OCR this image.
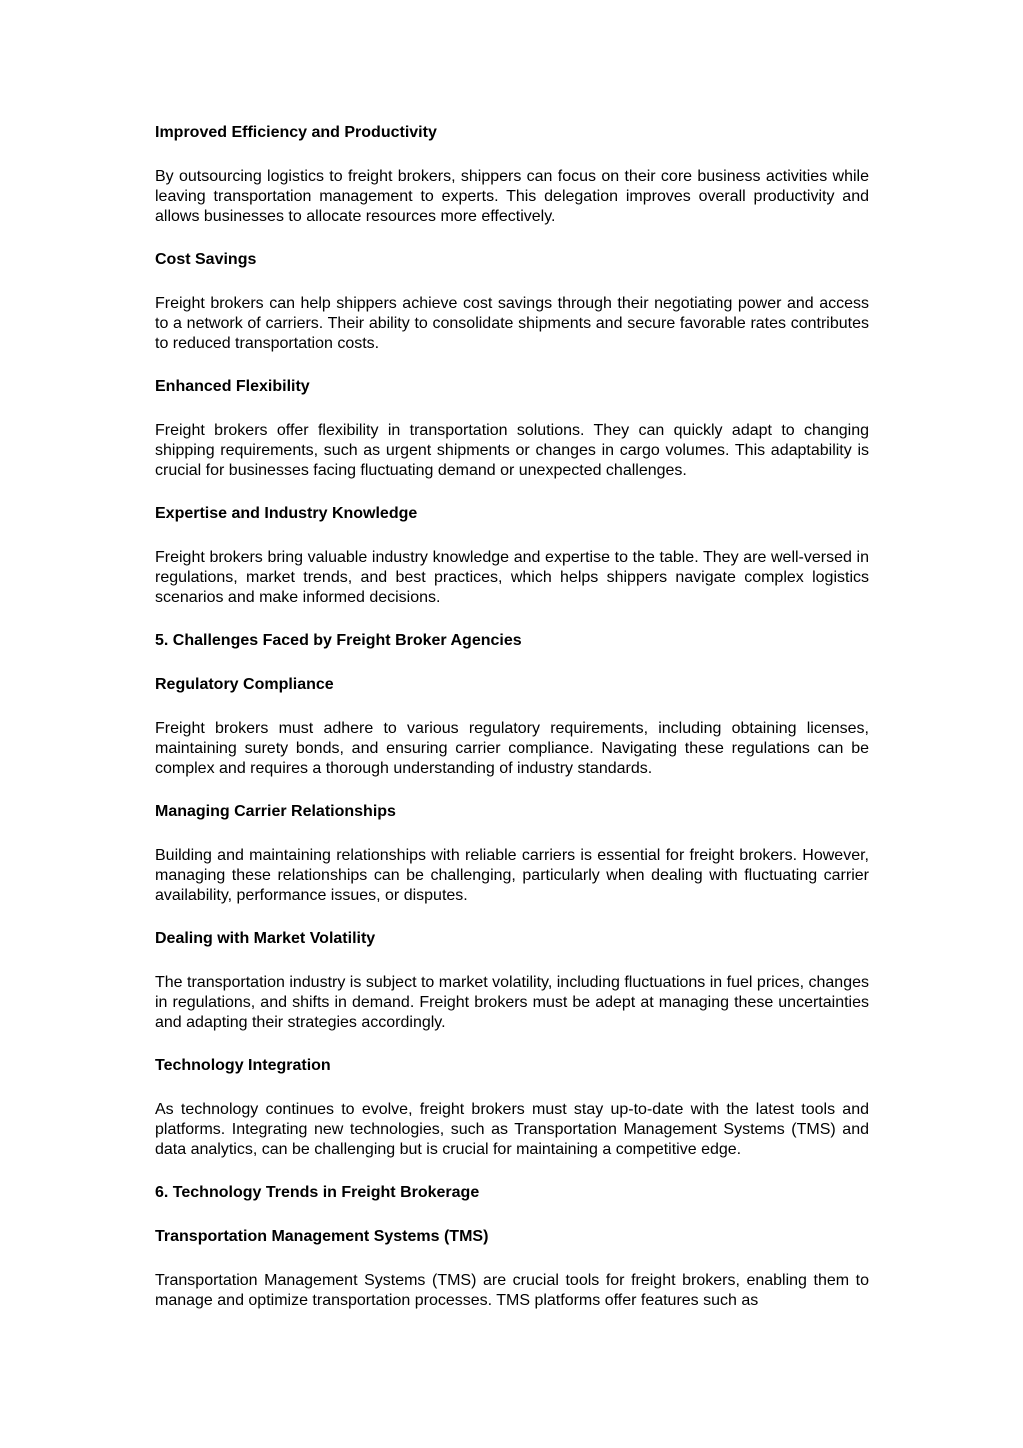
Improved Efficiency and Productivity
By outsourcing logistics to freight brokers, shippers can focus on their core business activities while leaving transportation management to experts. This delegation improves overall productivity and allows businesses to allocate resources more effectively.
Cost Savings
Freight brokers can help shippers achieve cost savings through their negotiating power and access to a network of carriers. Their ability to consolidate shipments and secure favorable rates contributes to reduced transportation costs.
Enhanced Flexibility
Freight brokers offer flexibility in transportation solutions. They can quickly adapt to changing shipping requirements, such as urgent shipments or changes in cargo volumes. This adaptability is crucial for businesses facing fluctuating demand or unexpected challenges.
Expertise and Industry Knowledge
Freight brokers bring valuable industry knowledge and expertise to the table. They are well-versed in regulations, market trends, and best practices, which helps shippers navigate complex logistics scenarios and make informed decisions.
5. Challenges Faced by Freight Broker Agencies
Regulatory Compliance
Freight brokers must adhere to various regulatory requirements, including obtaining licenses, maintaining surety bonds, and ensuring carrier compliance. Navigating these regulations can be complex and requires a thorough understanding of industry standards.
Managing Carrier Relationships
Building and maintaining relationships with reliable carriers is essential for freight brokers. However, managing these relationships can be challenging, particularly when dealing with fluctuating carrier availability, performance issues, or disputes.
Dealing with Market Volatility
The transportation industry is subject to market volatility, including fluctuations in fuel prices, changes in regulations, and shifts in demand. Freight brokers must be adept at managing these uncertainties and adapting their strategies accordingly.
Technology Integration
As technology continues to evolve, freight brokers must stay up-to-date with the latest tools and platforms. Integrating new technologies, such as Transportation Management Systems (TMS) and data analytics, can be challenging but is crucial for maintaining a competitive edge.
6. Technology Trends in Freight Brokerage
Transportation Management Systems (TMS)
Transportation Management Systems (TMS) are crucial tools for freight brokers, enabling them to manage and optimize transportation processes. TMS platforms offer features such as
